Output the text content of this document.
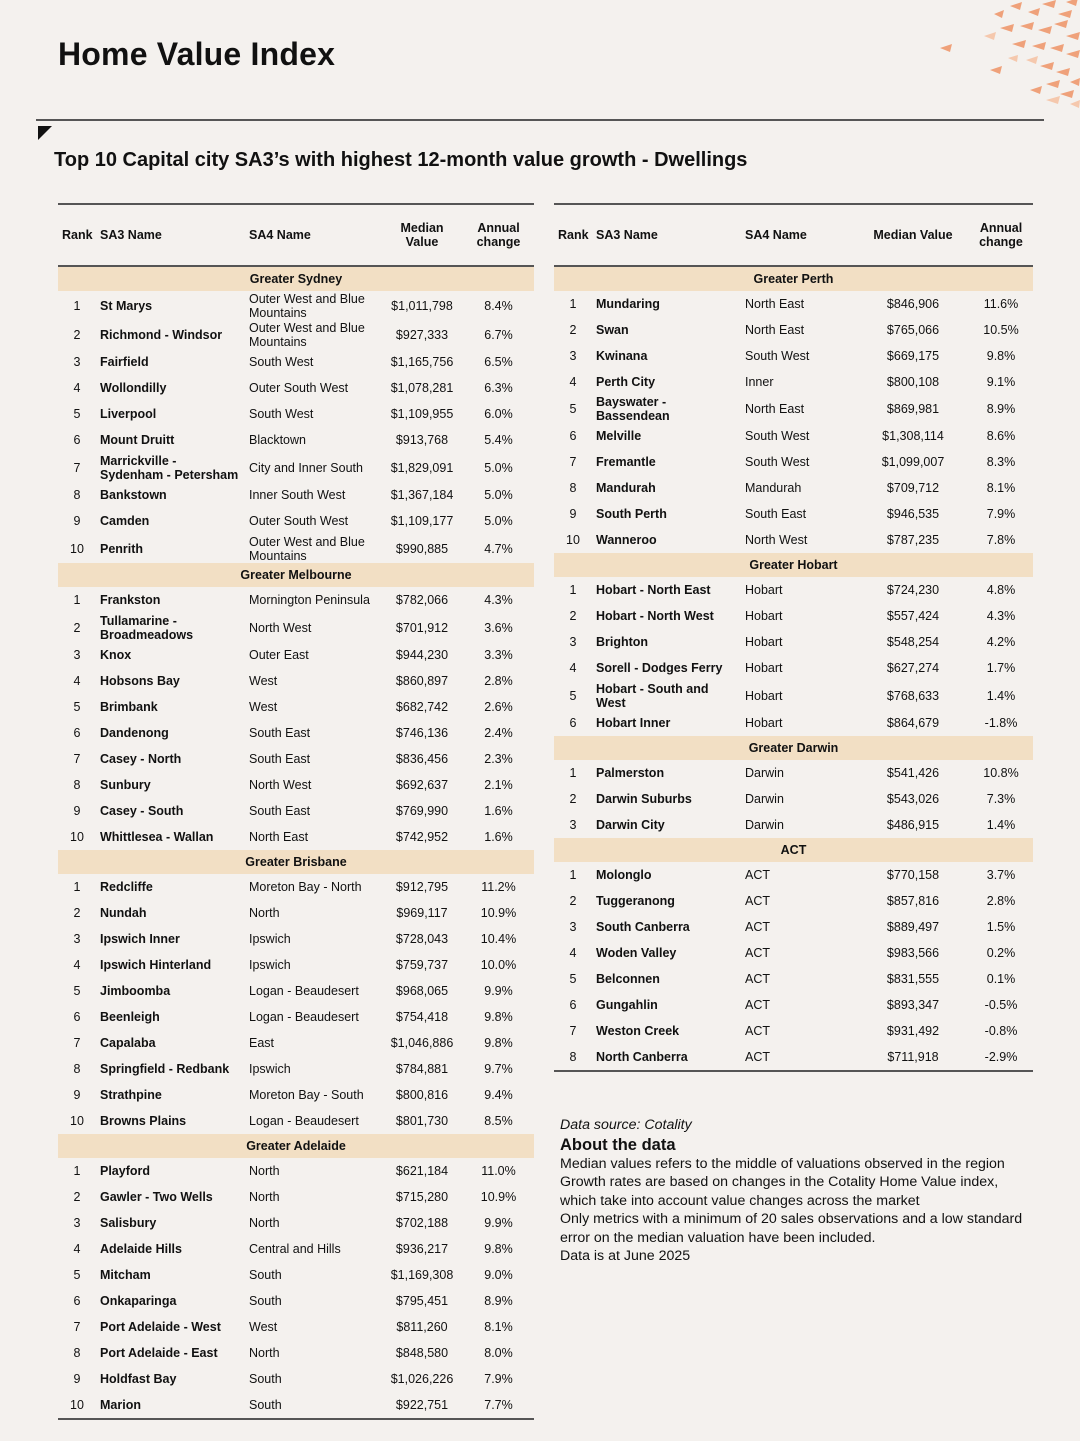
Home Value Index
Top 10 Capital city SA3’s with highest 12-month value growth - Dwellings
Rank	SA3 Name	SA4 Name	Median Value	Annual change
Greater Sydney				
1	St Marys	Outer West and Blue Mountains	$1,011,798	8.4%
2	Richmond - Windsor	Outer West and Blue Mountains	$927,333	6.7%
3	Fairfield	South West	$1,165,756	6.5%
4	Wollondilly	Outer South West	$1,078,281	6.3%
5	Liverpool	South West	$1,109,955	6.0%
6	Mount Druitt	Blacktown	$913,768	5.4%
7	Marrickville - Sydenham - Petersham	City and Inner South	$1,829,091	5.0%
8	Bankstown	Inner South West	$1,367,184	5.0%
9	Camden	Outer South West	$1,109,177	5.0%
10	Penrith	Outer West and Blue Mountains	$990,885	4.7%
Greater Melbourne				
1	Frankston	Mornington Peninsula	$782,066	4.3%
2	Tullamarine - Broadmeadows	North West	$701,912	3.6%
3	Knox	Outer East	$944,230	3.3%
4	Hobsons Bay	West	$860,897	2.8%
5	Brimbank	West	$682,742	2.6%
6	Dandenong	South East	$746,136	2.4%
7	Casey - North	South East	$836,456	2.3%
8	Sunbury	North West	$692,637	2.1%
9	Casey - South	South East	$769,990	1.6%
10	Whittlesea - Wallan	North East	$742,952	1.6%
Greater Brisbane				
1	Redcliffe	Moreton Bay - North	$912,795	11.2%
2	Nundah	North	$969,117	10.9%
3	Ipswich Inner	Ipswich	$728,043	10.4%
4	Ipswich Hinterland	Ipswich	$759,737	10.0%
5	Jimboomba	Logan - Beaudesert	$968,065	9.9%
6	Beenleigh	Logan - Beaudesert	$754,418	9.8%
7	Capalaba	East	$1,046,886	9.8%
8	Springfield - Redbank	Ipswich	$784,881	9.7%
9	Strathpine	Moreton Bay - South	$800,816	9.4%
10	Browns Plains	Logan - Beaudesert	$801,730	8.5%
Greater Adelaide				
1	Playford	North	$621,184	11.0%
2	Gawler - Two Wells	North	$715,280	10.9%
3	Salisbury	North	$702,188	9.9%
4	Adelaide Hills	Central and Hills	$936,217	9.8%
5	Mitcham	South	$1,169,308	9.0%
6	Onkaparinga	South	$795,451	8.9%
7	Port Adelaide - West	West	$811,260	8.1%
8	Port Adelaide - East	North	$848,580	8.0%
9	Holdfast Bay	South	$1,026,226	7.9%
10	Marion	South	$922,751	7.7%
Rank	SA3 Name	SA4 Name	Median Value	Annual change
Greater Perth				
1	Mundaring	North East	$846,906	11.6%
2	Swan	North East	$765,066	10.5%
3	Kwinana	South West	$669,175	9.8%
4	Perth City	Inner	$800,108	9.1%
5	Bayswater - Bassendean	North East	$869,981	8.9%
6	Melville	South West	$1,308,114	8.6%
7	Fremantle	South West	$1,099,007	8.3%
8	Mandurah	Mandurah	$709,712	8.1%
9	South Perth	South East	$946,535	7.9%
10	Wanneroo	North West	$787,235	7.8%
Greater Hobart				
1	Hobart - North East	Hobart	$724,230	4.8%
2	Hobart - North West	Hobart	$557,424	4.3%
3	Brighton	Hobart	$548,254	4.2%
4	Sorell - Dodges Ferry	Hobart	$627,274	1.7%
5	Hobart - South and West	Hobart	$768,633	1.4%
6	Hobart Inner	Hobart	$864,679	-1.8%
Greater Darwin				
1	Palmerston	Darwin	$541,426	10.8%
2	Darwin Suburbs	Darwin	$543,026	7.3%
3	Darwin City	Darwin	$486,915	1.4%
ACT				
1	Molonglo	ACT	$770,158	3.7%
2	Tuggeranong	ACT	$857,816	2.8%
3	South Canberra	ACT	$889,497	1.5%
4	Woden Valley	ACT	$983,566	0.2%
5	Belconnen	ACT	$831,555	0.1%
6	Gungahlin	ACT	$893,347	-0.5%
7	Weston Creek	ACT	$931,492	-0.8%
8	North Canberra	ACT	$711,918	-2.9%

Data source: Cotality

About the data

Median values refers to the middle of valuations observed in the region

Growth rates are based on changes in the Cotality Home Value index, which take into account value changes across the market

Only metrics with a minimum of 20 sales observations and a low standard error on the median valuation have been included.

Data is at June 2025
